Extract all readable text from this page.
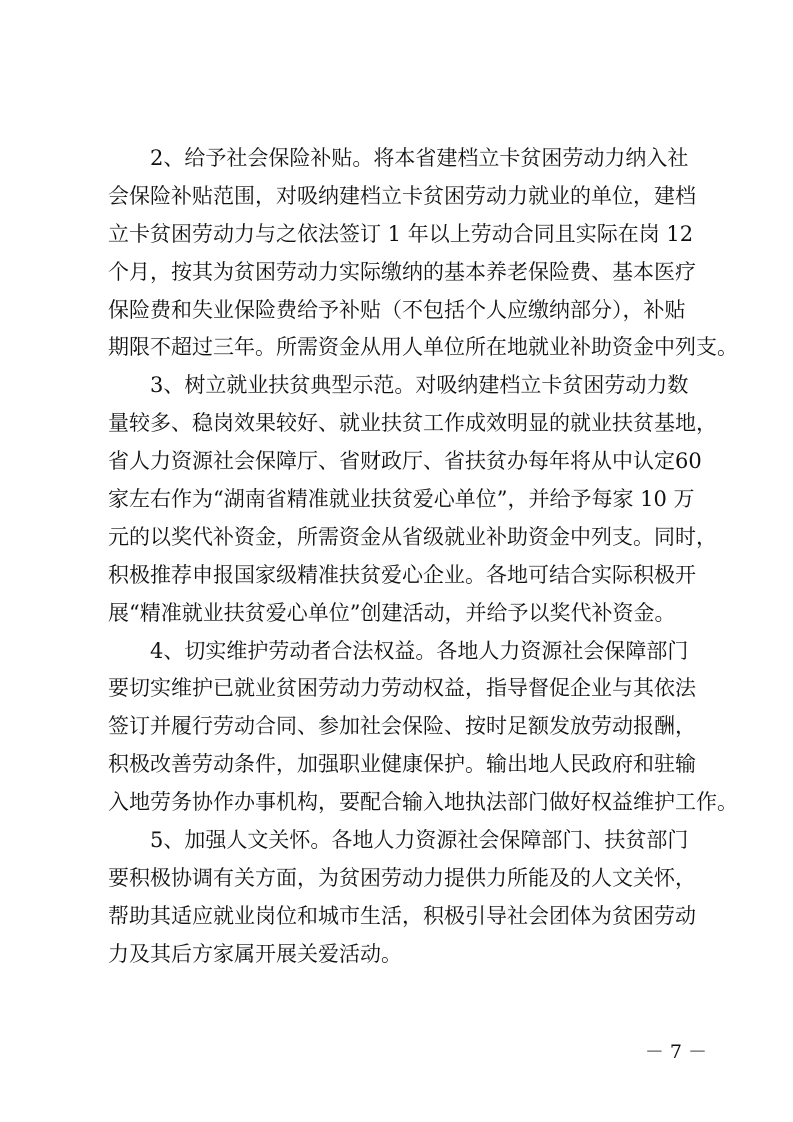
　　2、给予社会保险补贴。将本省建档立卡贫困劳动力纳入社
会保险补贴范围，对吸纳建档立卡贫困劳动力就业的单位，建档
立卡贫困劳动力与之依法签订 1 年以上劳动合同且实际在岗 12
个月，按其为贫困劳动力实际缴纳的基本养老保险费、基本医疗
保险费和失业保险费给予补贴（不包括个人应缴纳部分），补贴
期限不超过三年。所需资金从用人单位所在地就业补助资金中列支。
　　3、树立就业扶贫典型示范。对吸纳建档立卡贫困劳动力数
量较多、稳岗效果较好、就业扶贫工作成效明显的就业扶贫基地，
省人力资源社会保障厅、省财政厅、省扶贫办每年将从中认定60
家左右作为“湖南省精准就业扶贫爱心单位”，并给予每家 10 万
元的以奖代补资金，所需资金从省级就业补助资金中列支。同时，
积极推荐申报国家级精准扶贫爱心企业。各地可结合实际积极开
展“精准就业扶贫爱心单位”创建活动，并给予以奖代补资金。
　　4、切实维护劳动者合法权益。各地人力资源社会保障部门
要切实维护已就业贫困劳动力劳动权益，指导督促企业与其依法
签订并履行劳动合同、参加社会保险、按时足额发放劳动报酬，
积极改善劳动条件，加强职业健康保护。输出地人民政府和驻输
入地劳务协作办事机构，要配合输入地执法部门做好权益维护工作。
　　5、加强人文关怀。各地人力资源社会保障部门、扶贫部门
要积极协调有关方面，为贫困劳动力提供力所能及的人文关怀，
帮助其适应就业岗位和城市生活，积极引导社会团体为贫困劳动
力及其后方家属开展关爱活动。
－ 7 －
